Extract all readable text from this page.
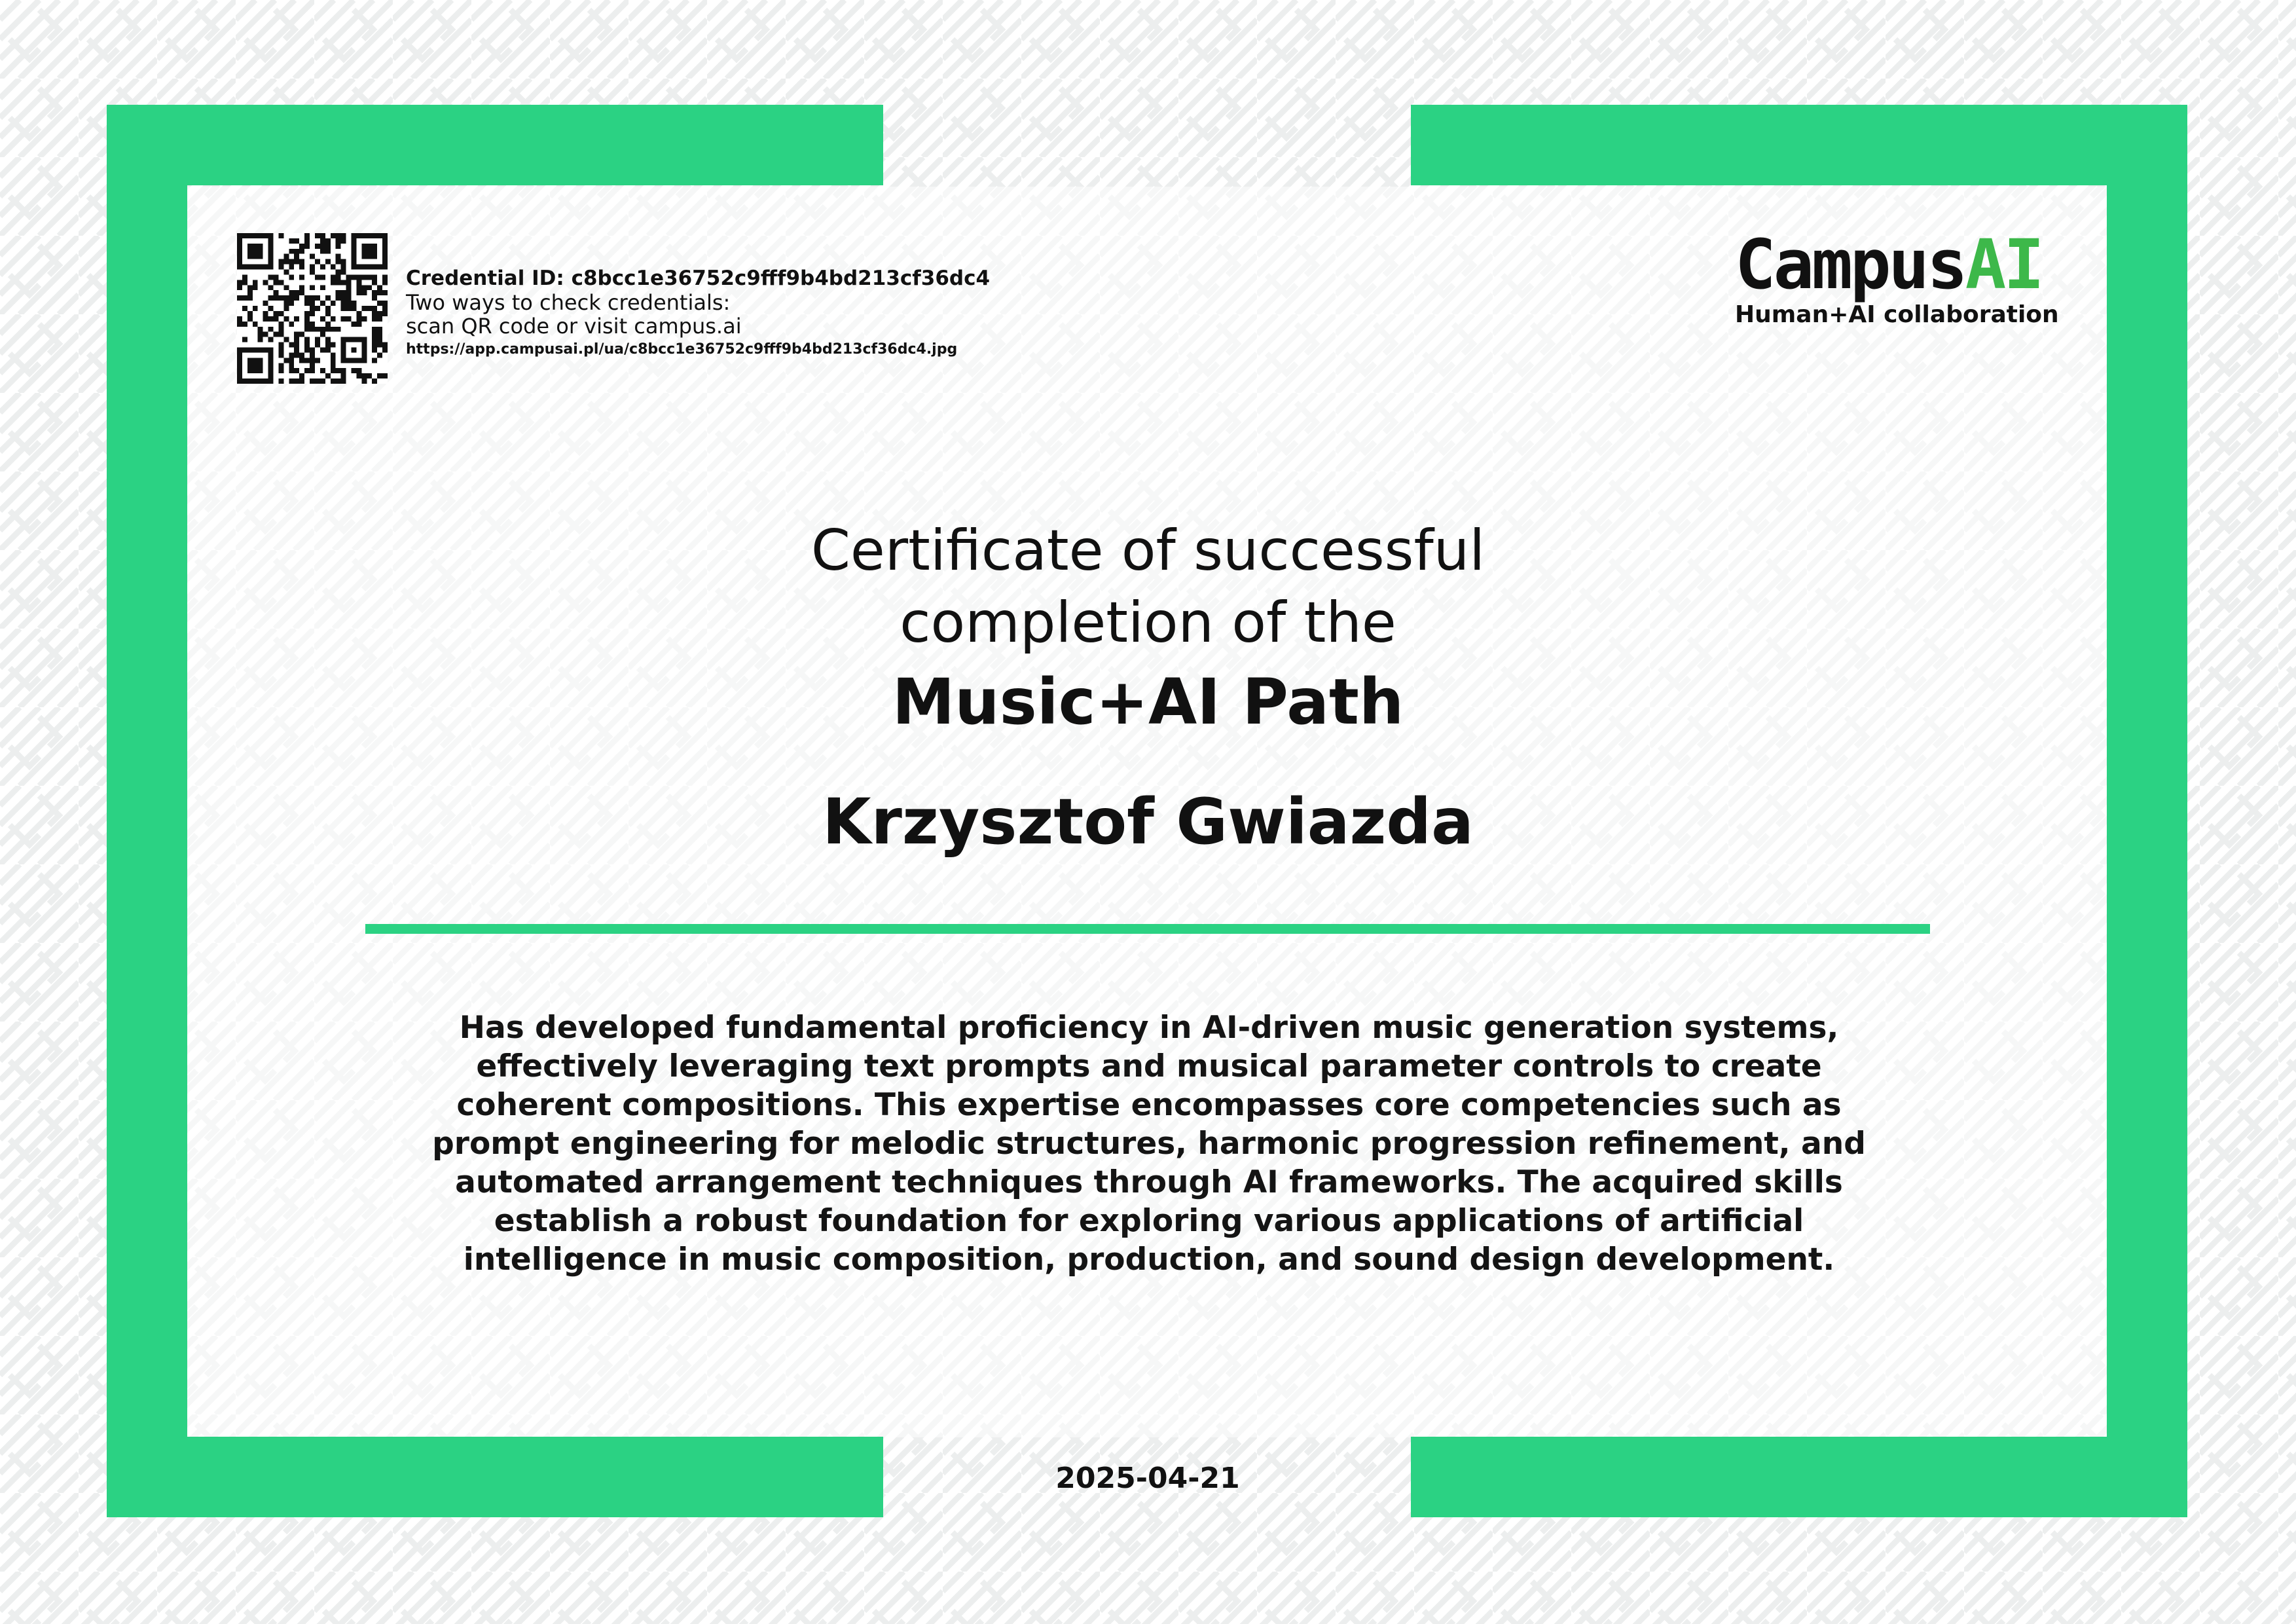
Credential ID: c8bcc1e36752c9fff9b4bd213cf36dc4
Two ways to check credentials:
scan QR code or visit campus.ai
https://app.campusai.pl/ua/c8bcc1e36752c9fff9b4bd213cf36dc4.jpg
CampusAI
Human+AI collaboration
Certificate of successful
completion of the
Music+AI Path
Krzysztof Gwiazda
Has developed fundamental proficiency in AI-driven music generation systems, effectively leveraging text prompts and musical parameter controls to create coherent compositions. This expertise encompasses core competencies such as prompt engineering for melodic structures, harmonic progression refinement, and automated arrangement techniques through AI frameworks. The acquired skills establish a robust foundation for exploring various applications of artificial intelligence in music composition, production, and sound design development.
2025-04-21
